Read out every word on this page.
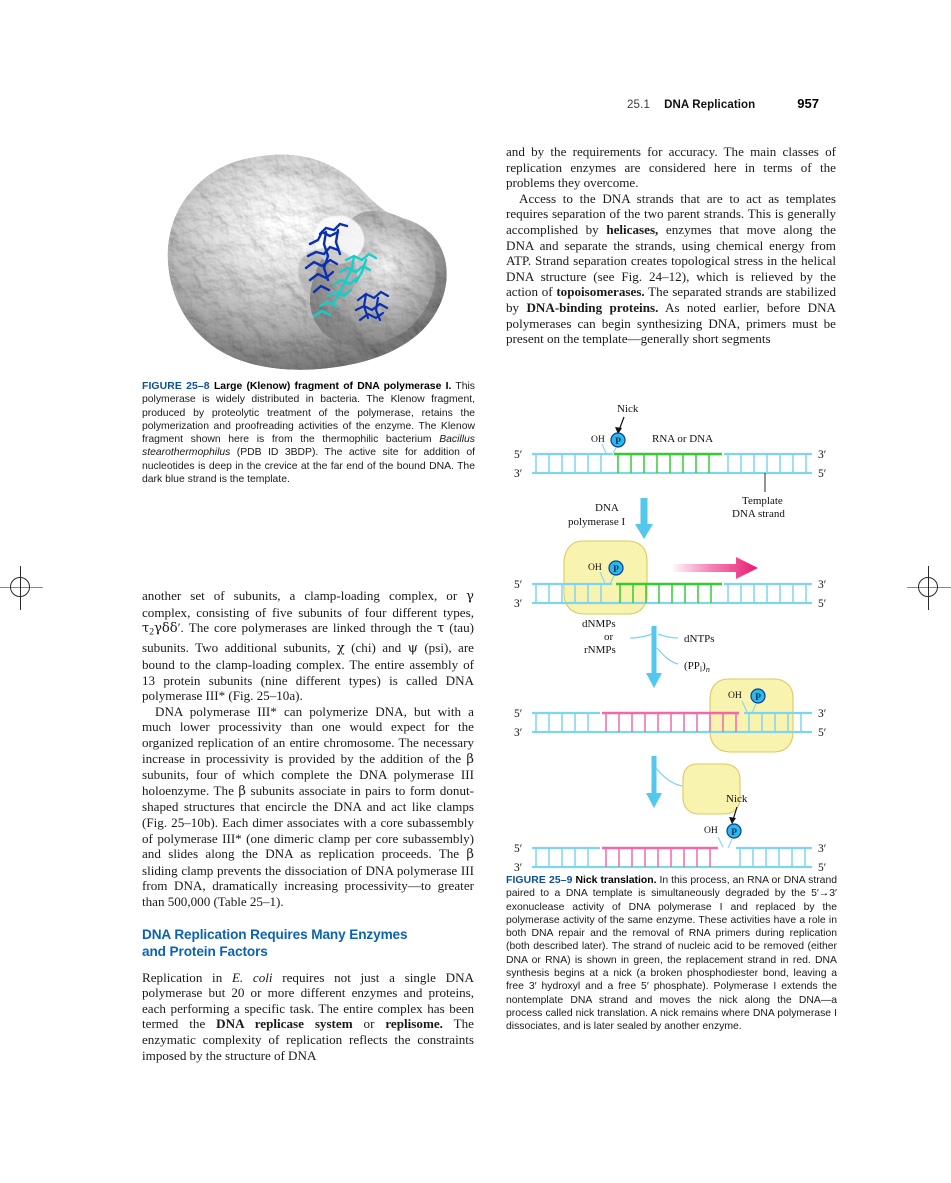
25.1 DNA Replication	957

FIGURE 25–8 Large (Klenow) fragment of DNA polymerase I. This polymerase is widely distributed in bacteria. The Klenow fragment, produced by proteolytic treatment of the polymerase, retains the polymerization and proofreading activities of the enzyme. The Klenow fragment shown here is from the thermophilic bacterium Bacillus stearothermophilus (PDB ID 3BDP). The active site for addition of nucleotides is deep in the crevice at the far end of the bound DNA. The dark blue strand is the template.

another set of subunits, a clamp-loading complex, or γ complex, consisting of five subunits of four different types, $\tau_2\gamma\delta\delta'$. The core polymerases are linked through the τ (tau) subunits. Two additional subunits, χ (chi) and ψ (psi), are bound to the clamp-loading complex. The entire assembly of 13 protein subunits (nine different types) is called DNA polymerase III* (Fig. 25–10a).

DNA polymerase III* can polymerize DNA, but with a much lower processivity than one would expect for the organized replication of an entire chromosome. The necessary increase in processivity is provided by the addition of the β subunits, four of which complete the DNA polymerase III holoenzyme. The β subunits associate in pairs to form donut-shaped structures that encircle the DNA and act like clamps (Fig. 25–10b). Each dimer associates with a core subassembly of polymerase III* (one dimeric clamp per core subassembly) and slides along the DNA as replication proceeds. The β sliding clamp prevents the dissociation of DNA polymerase III from DNA, dramatically increasing processivity—to greater than 500,000 (Table 25–1).

DNA Replication Requires Many Enzymes

and Protein Factors

Replication in E. coli requires not just a single DNA polymerase but 20 or more different enzymes and proteins, each performing a specific task. The entire complex has been termed the DNA replicase system or replisome. The enzymatic complexity of replication reflects the constraints imposed by the structure of DNA

and by the requirements for accuracy. The main classes of replication enzymes are considered here in terms of the problems they overcome.

Access to the DNA strands that are to act as templates requires separation of the two parent strands. This is generally accomplished by helicases, enzymes that move along the DNA and separate the strands, using chemical energy from ATP. Strand separation creates topological stress in the helical DNA structure (see Fig. 24–12), which is relieved by the action of topoisomerases. The separated strands are stabilized by DNA-binding proteins. As noted earlier, before DNA polymerases can begin synthesizing DNA, primers must be present on the template—generally short segments

Nick
OH P	RNA or DNA
5′	3′
3′	5′
Template
DNA strand
DNA
polymerase I
OH P
5′	3′
3′	5′
dNMPs
or
rNMPs
dNTPs
$(PP_i)_n$
OH P
5′	3′
3′	5′
Nick
OH P
5′	3′
3′	5′

FIGURE 25–9 Nick translation. In this process, an RNA or DNA strand paired to a DNA template is simultaneously degraded by the 5′→3′ exonuclease activity of DNA polymerase I and replaced by the polymerase activity of the same enzyme. These activities have a role in both DNA repair and the removal of RNA primers during replication (both described later). The strand of nucleic acid to be removed (either DNA or RNA) is shown in green, the replacement strand in red. DNA synthesis begins at a nick (a broken phosphodiester bond, leaving a free 3′ hydroxyl and a free 5′ phosphate). Polymerase I extends the nontemplate DNA strand and moves the nick along the DNA—a process called nick translation. A nick remains where DNA polymerase I dissociates, and is later sealed by another enzyme.
